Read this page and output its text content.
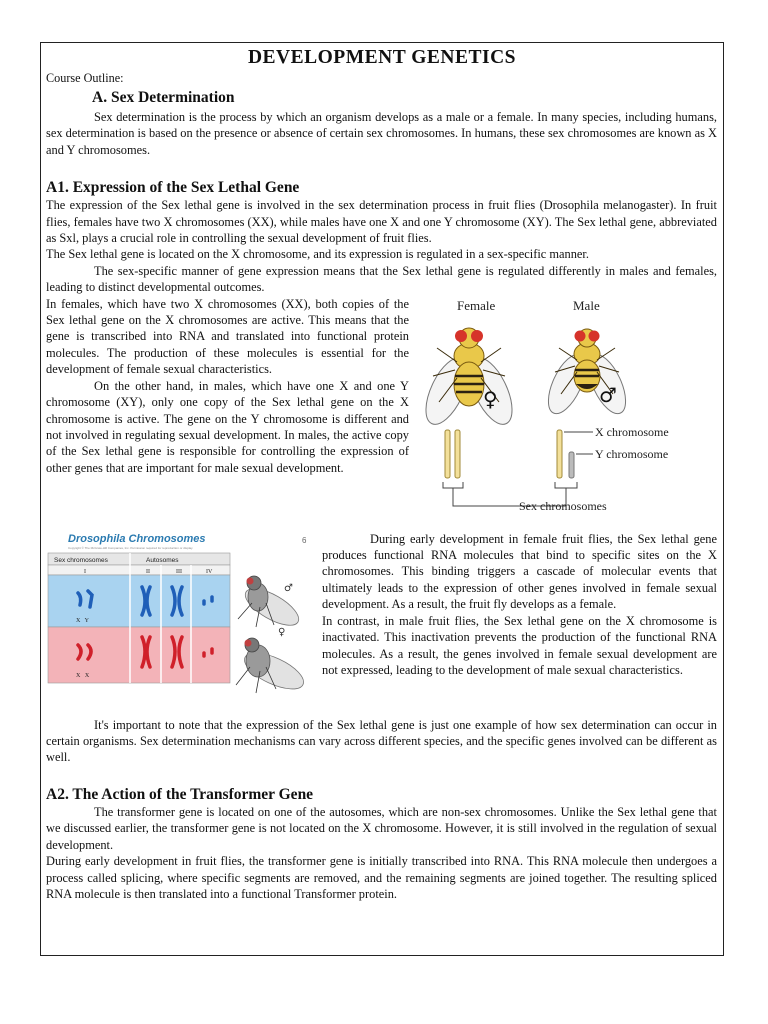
DEVELOPMENT GENETICS
Course Outline:
A. Sex Determination

Sex determination is the process by which an organism develops as a male or a female. In many species, including humans, sex determination is based on the presence or absence of certain sex chromosomes. In humans, these sex chromosomes are known as X and Y chromosomes.

A1. Expression of the Sex Lethal Gene

The expression of the Sex lethal gene is involved in the sex determination process in fruit flies (Drosophila melanogaster). In fruit flies, females have two X chromosomes (XX), while males have one X and one Y chromosome (XY). The Sex lethal gene, abbreviated as Sxl, plays a crucial role in controlling the sexual development of fruit flies.

The Sex lethal gene is located on the X chromosome, and its expression is regulated in a sex-specific manner.

The sex-specific manner of gene expression means that the Sex lethal gene is regulated differently in males and females, leading to distinct developmental outcomes.

In females, which have two X chromosomes (XX), both copies of the Sex lethal gene on the X chromosomes are active. This means that the gene is transcribed into RNA and translated into functional protein molecules. The production of these molecules is essential for the development of female sexual characteristics.

On the other hand, in males, which have one X and one Y chromosome (XY), only one copy of the Sex lethal gene on the X chromosome is active. The gene on the Y chromosome is different and not involved in regulating sexual development. In males, the active copy of the Sex lethal gene is responsible for controlling the expression of other genes that are important for male sexual development.

Female	Male
♀	♂
X chromosome
Y chromosome
Sex chromosomes
Drosophila Chromosomes
Copyright © The McGraw-Hill Companies, Inc. Permission required for reproduction or display.
6
Sex chromosomes	Autosomes
I	II	III	IV
X   Y
X   X
♂
♀

During early development in female fruit flies, the Sex lethal gene produces functional RNA molecules that bind to specific sites on the X chromosomes. This binding triggers a cascade of molecular events that ultimately leads to the expression of other genes involved in female sexual development. As a result, the fruit fly develops as a female.

In contrast, in male fruit flies, the Sex lethal gene on the X chromosome is inactivated. This inactivation prevents the production of the functional RNA molecules. As a result, the genes involved in female sexual development are not expressed, leading to the development of male sexual characteristics.

It's important to note that the expression of the Sex lethal gene is just one example of how sex determination can occur in certain organisms. Sex determination mechanisms can vary across different species, and the specific genes involved can be different as well.

A2. The Action of the Transformer Gene

The transformer gene is located on one of the autosomes, which are non-sex chromosomes. Unlike the Sex lethal gene that we discussed earlier, the transformer gene is not located on the X chromosome. However, it is still involved in the regulation of sexual development.

During early development in fruit flies, the transformer gene is initially transcribed into RNA. This RNA molecule then undergoes a process called splicing, where specific segments are removed, and the remaining segments are joined together. The resulting spliced RNA molecule is then translated into a functional Transformer protein.
